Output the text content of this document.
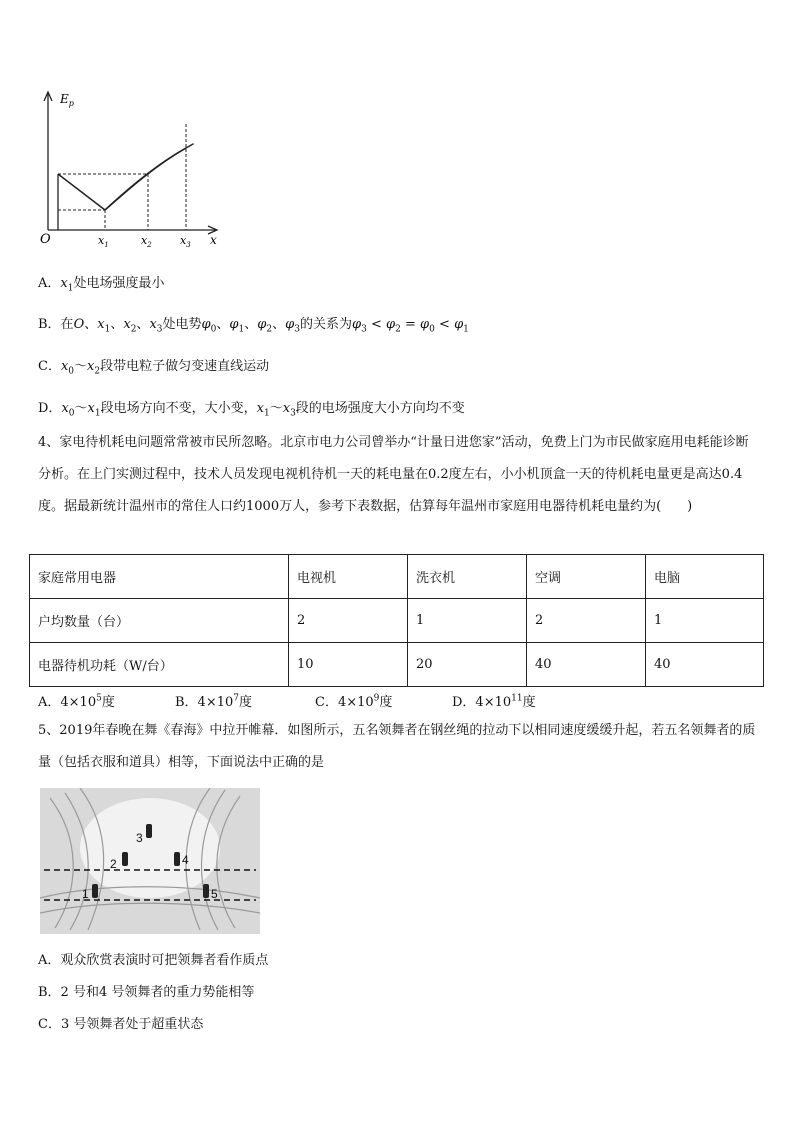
$E_p$
O	$x_1$	$x_2$	$x_3$ x
A．$x_1$处电场强度最小
B．在O、$x_1$、$x_2$、$x_3$处电势$\varphi_0$、$\varphi_1$、$\varphi_2$、$\varphi_3$的关系为$\varphi_3 < \varphi_2 = \varphi_0 < \varphi_1$
C．$x_0\sim x_2$段带电粒子做匀变速直线运动
D．$x_0\sim x_1$段电场方向不变，大小变，$x_1\sim x_3$段的电场强度大小方向均不变
4、家电待机耗电问题常常被市民所忽略。北京市电力公司曾举办“计量日进您家”活动，免费上门为市民做家庭用电耗能诊断分析。在上门实测过程中，技术人员发现电视机待机一天的耗电量在0.2度左右，小小机顶盒一天的待机耗电量更是高达0.4度。据最新统计温州市的常住人口约1000万人，参考下表数据，估算每年温州市家庭用电器待机耗电量约为(　　)
家庭常用电器	电视机	洗衣机	空调	电脑
户均数量（台）	2	1	2	1
电器待机功耗（W/台）	10	20	40	40
A．$4\times 10^5$度	B．$4\times 10^7$度	C．$4\times 10^9$度	D．$4\times 10^{11}$度
5、2019年春晚在舞《春海》中拉开帷幕．如图所示，五名领舞者在钢丝绳的拉动下以相同速度缓缓升起，若五名领舞者的质量（包括衣服和道具）相等，下面说法中正确的是
1
2
3
4
5
A．观众欣赏表演时可把领舞者看作质点
B．2 号和4 号领舞者的重力势能相等
C．3 号领舞者处于超重状态
